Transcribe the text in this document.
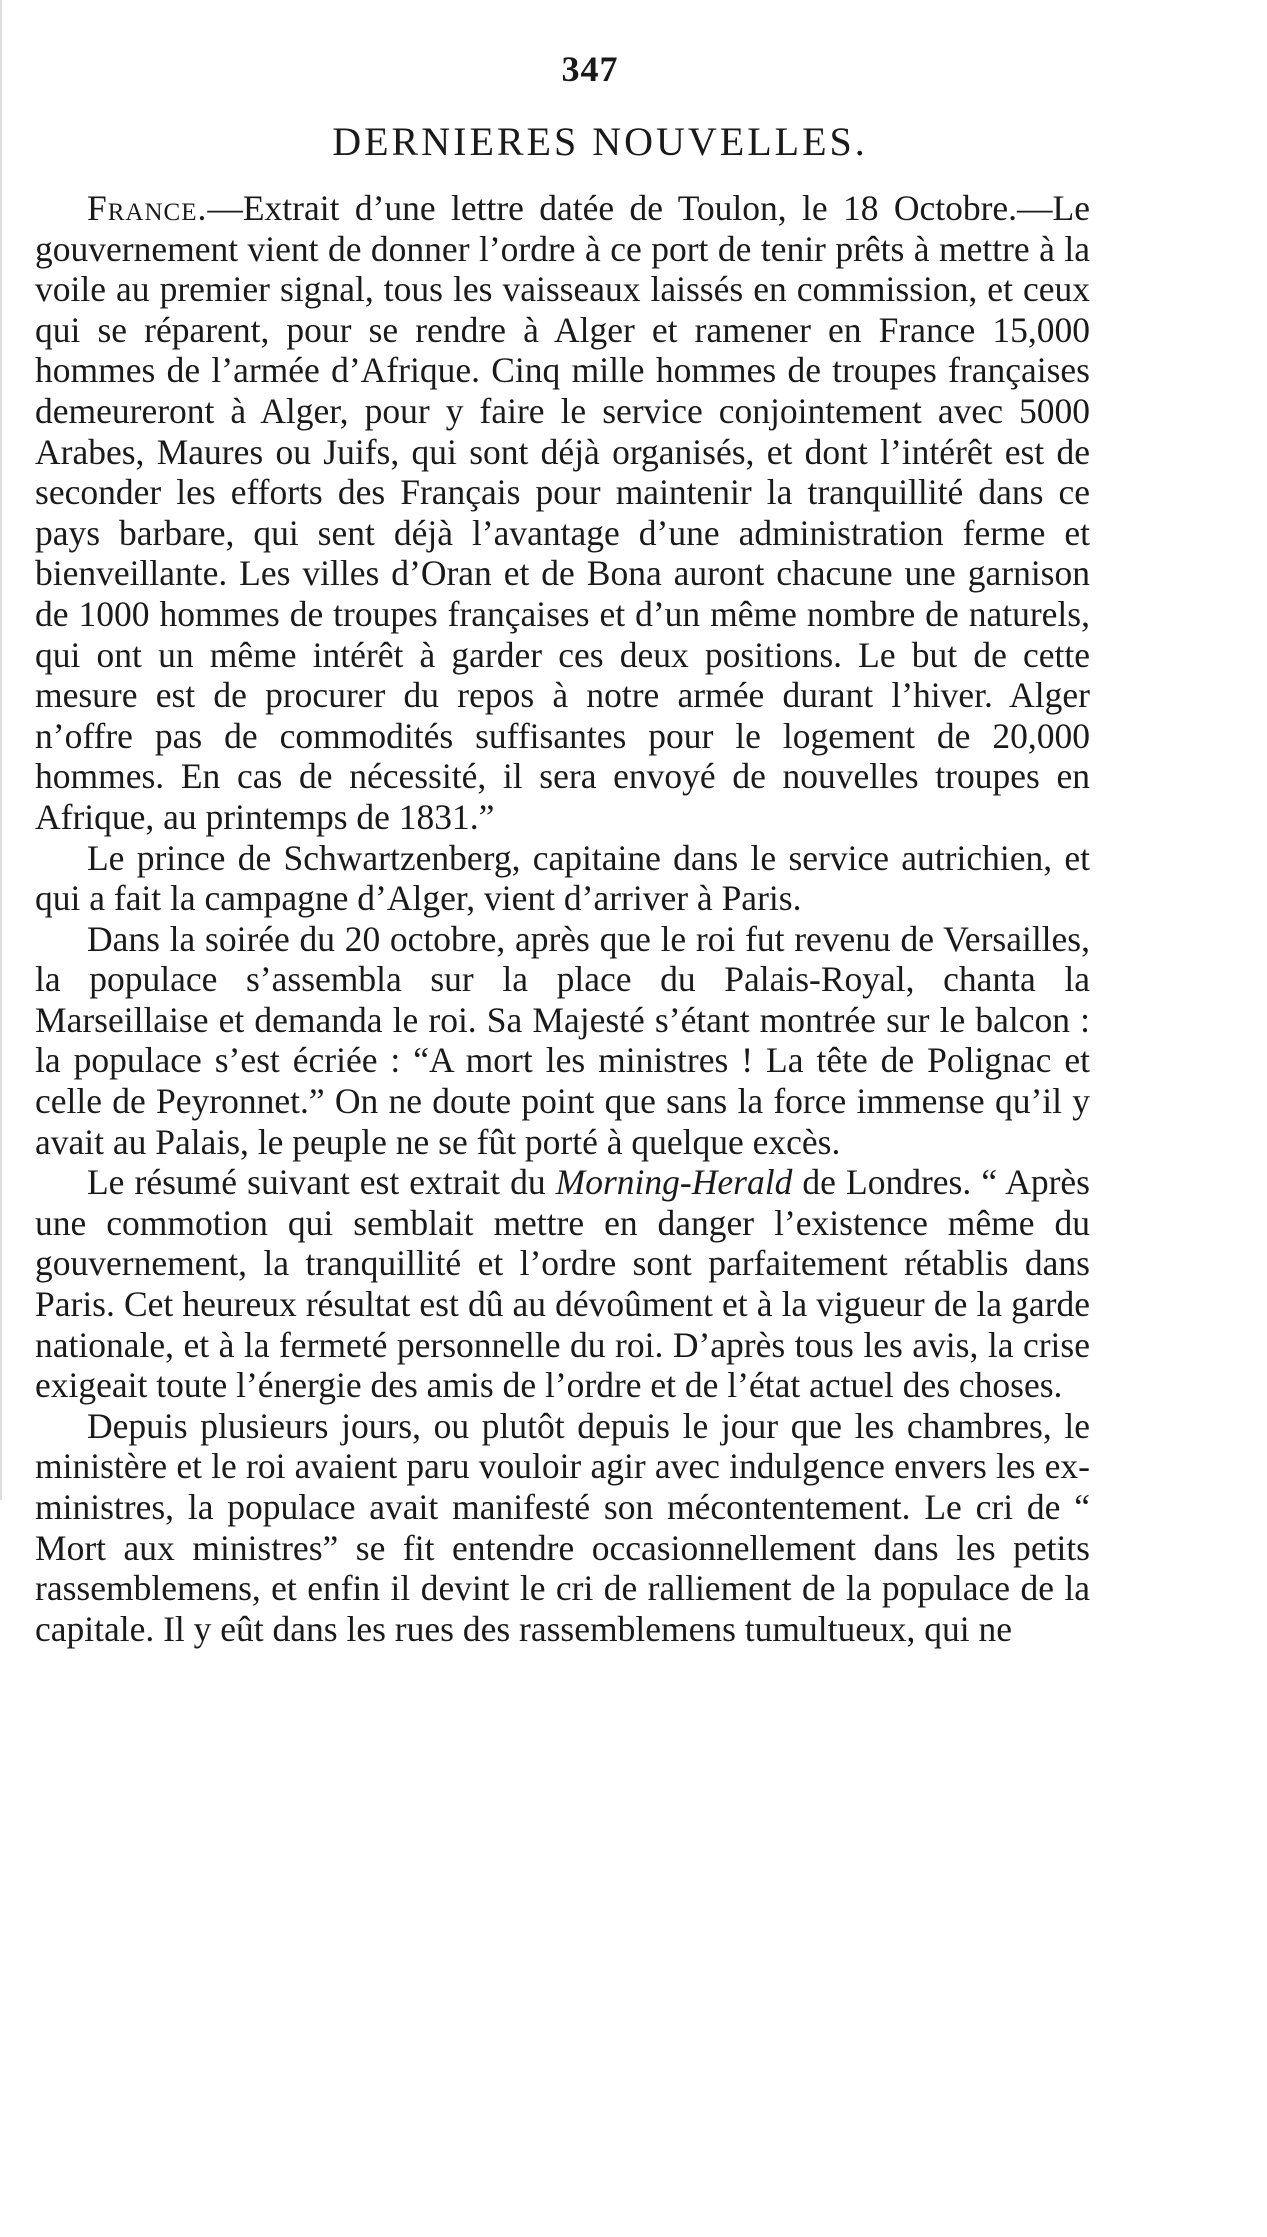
347
DERNIERES NOUVELLES.

France.—Extrait d’une lettre datée de Toulon, le 18 Octobre.—Le gouvernement vient de donner l’ordre à ce port de tenir prêts à mettre à la voile au premier signal, tous les vaisseaux laissés en commission, et ceux qui se réparent, pour se rendre à Alger et ramener en France 15,000 hommes de l’armée d’Afrique. Cinq mille hommes de troupes françaises demeureront à Alger, pour y faire le service conjointement avec 5000 Arabes, Maures ou Juifs, qui sont déjà organisés, et dont l’intérêt est de seconder les efforts des Français pour maintenir la tranquillité dans ce pays barbare, qui sent déjà l’avantage d’une administration ferme et bienveillante. Les villes d’Oran et de Bona auront chacune une garnison de 1000 hommes de troupes françaises et d’un même nombre de naturels, qui ont un même intérêt à garder ces deux positions. Le but de cette mesure est de procurer du repos à notre armée durant l’hiver. Alger n’offre pas de commodités suffisantes pour le logement de 20,000 hommes. En cas de nécessité, il sera envoyé de nouvelles troupes en Afrique, au printemps de 1831.”

Le prince de Schwartzenberg, capitaine dans le service autrichien, et qui a fait la campagne d’Alger, vient d’arriver à Paris.

Dans la soirée du 20 octobre, après que le roi fut revenu de Versailles, la populace s’assembla sur la place du Palais-Royal, chanta la Marseillaise et demanda le roi. Sa Majesté s’étant montrée sur le balcon : la populace s’est écriée : “A mort les ministres ! La tête de Polignac et celle de Peyronnet.” On ne doute point que sans la force immense qu’il y avait au Palais, le peuple ne se fût porté à quelque excès.

Le résumé suivant est extrait du Morning-Herald de Londres. “ Après une commotion qui semblait mettre en danger l’existence même du gouvernement, la tranquillité et l’ordre sont parfaitement rétablis dans Paris. Cet heureux résultat est dû au dévoûment et à la vigueur de la garde nationale, et à la fermeté personnelle du roi. D’après tous les avis, la crise exigeait toute l’énergie des amis de l’ordre et de l’état actuel des choses.

Depuis plusieurs jours, ou plutôt depuis le jour que les chambres, le ministère et le roi avaient paru vouloir agir avec indulgence envers les ex-ministres, la populace avait manifesté son mécontentement. Le cri de “ Mort aux ministres” se fit entendre occasionnellement dans les petits rassemblemens, et enfin il devint le cri de ralliement de la populace de la capitale. Il y eût dans les rues des rassemblemens tumultueux, qui ne
